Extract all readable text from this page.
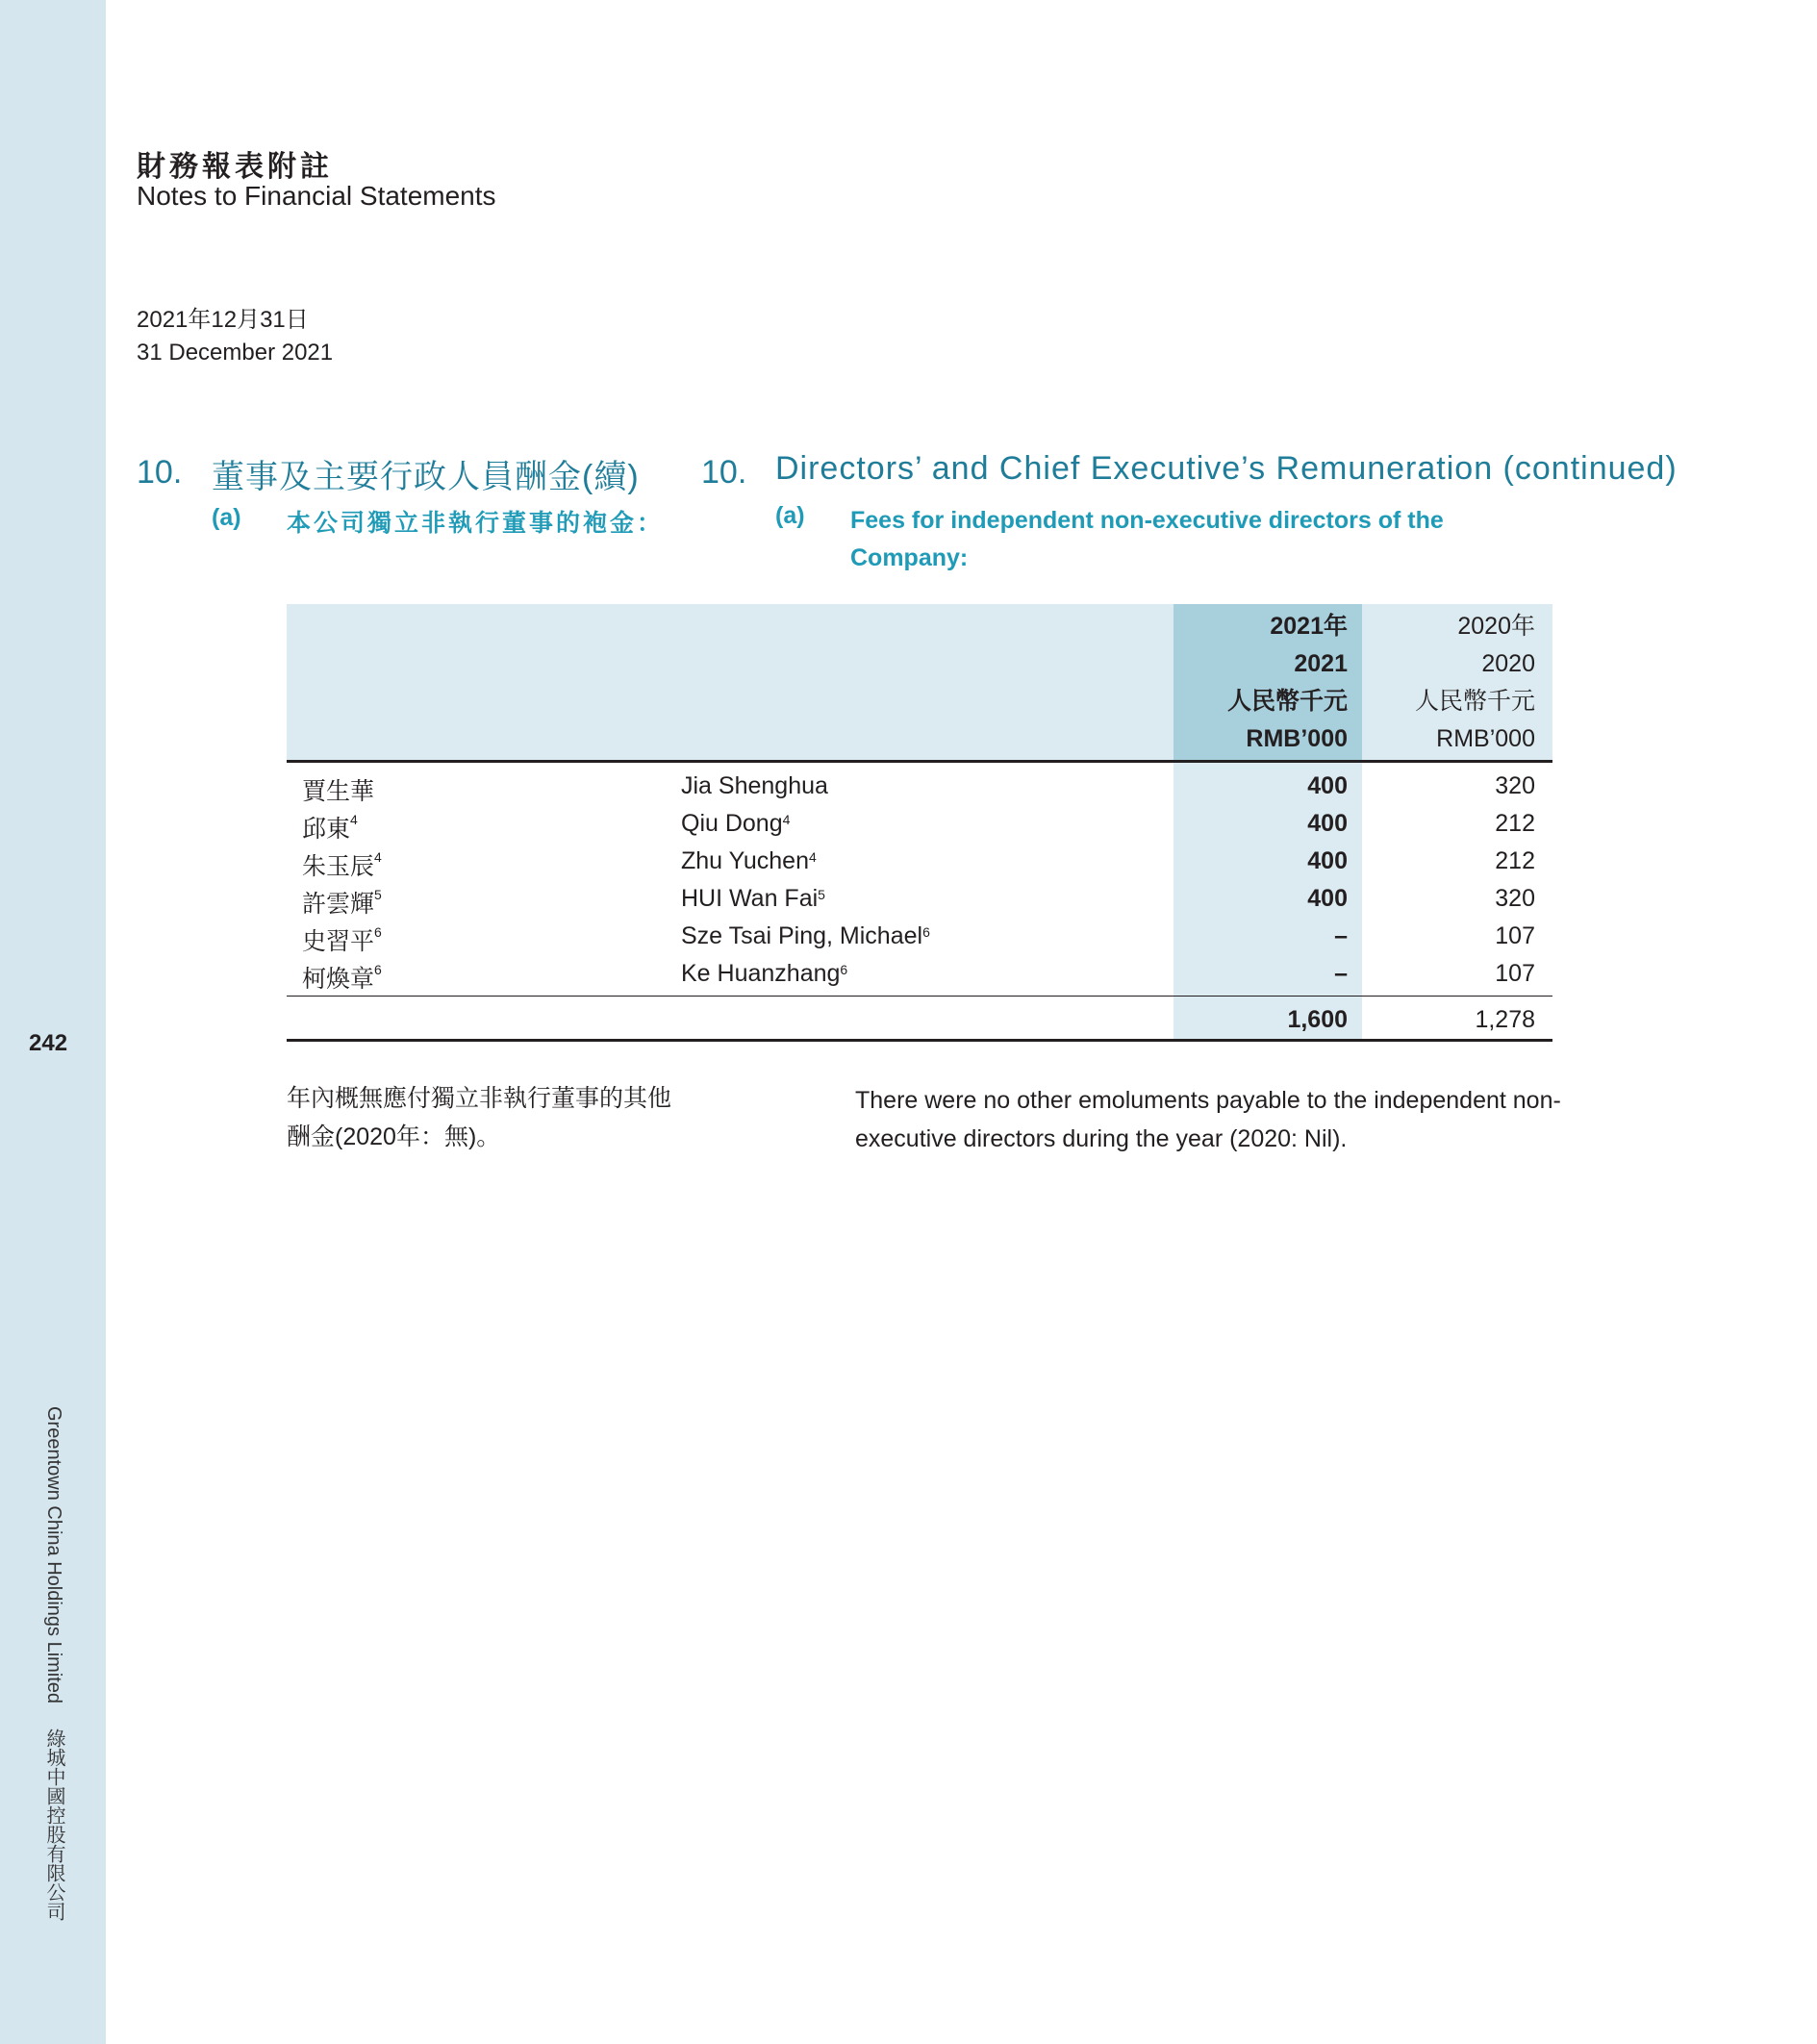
242
Greentown China Holdings Limited綠城中國控股有限公司
財務報表附註
Notes to Financial Statements
2021年12月31日
31 December 2021
10. 董事及主要行政人員酬金(續) 10. Directors’ and Chief Executive’s Remuneration (continued)
(a) 本公司獨立非執行董事的袍金：	(a) Fees for independent non-executive directors of the
Company:
2021年
2021
人民幣千元
RMB’000
2020年
2020
人民幣千元
RMB’000
賈生華	Jia Shenghua	400	320
邱東$^4$	Qiu Dong$^4$	400	212
朱玉辰$^4$	Zhu Yuchen$^4$	400	212
許雲輝$^5$	HUI Wan Fai$^5$	400	320
史習平$^6$	Sze Tsai Ping, Michael$^6$	–	107
柯煥章$^6$	Ke Huanzhang$^6$	–	107
1,600	1,278
年內概無應付獨立非執行董事的其他酬金(2020年：無)。
There were no other emoluments payable to the independent non-executive directors during the year (2020: Nil).
